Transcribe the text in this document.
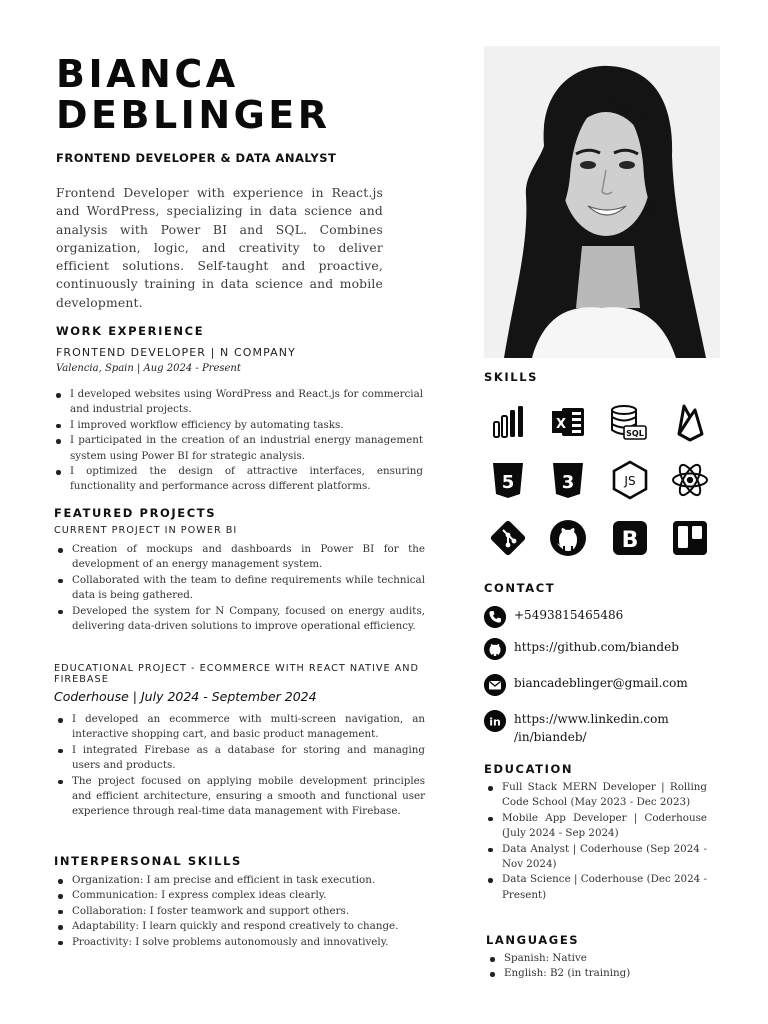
BIANCA
DEBLINGER
FRONTEND DEVELOPER & DATA ANALYST

Frontend Developer with experience in React.js and WordPress, specializing in data science and analysis with Power BI and SQL. Combines organization, logic, and creativity to deliver efficient solutions. Self-taught and proactive, continuously training in data science and mobile development.

WORK EXPERIENCE
FRONTEND DEVELOPER | N COMPANY
Valencia, Spain | Aug 2024 - Present
I developed websites using WordPress and React.js for commercial and industrial projects.
I improved workflow efficiency by automating tasks.
I participated in the creation of an industrial energy management system using Power BI for strategic analysis.
I optimized the design of attractive interfaces, ensuring functionality and performance across different platforms.
FEATURED PROJECTS
CURRENT PROJECT IN POWER BI
Creation of mockups and dashboards in Power BI for the development of an energy management system.
Collaborated with the team to define requirements while technical data is being gathered.
Developed the system for N Company, focused on energy audits, delivering data-driven solutions to improve operational efficiency.
EDUCATIONAL PROJECT - ECOMMERCE WITH REACT NATIVE AND FIREBASE
Coderhouse | July 2024 - September 2024
I developed an ecommerce with multi-screen navigation, an interactive shopping cart, and basic product management.
I integrated Firebase as a database for storing and managing users and products.
The project focused on applying mobile development principles and efficient architecture, ensuring a smooth and functional user experience through real-time data management with Firebase.
INTERPERSONAL SKILLS
Organization: I am precise and efficient in task execution.
Communication: I express complex ideas clearly.
Collaboration: I foster teamwork and support others.
Adaptability: I learn quickly and respond creatively to change.
Proactivity: I solve problems autonomously and innovatively.
SKILLS
X
SQL
5	3	JS
B
CONTACT
+5493815465486
https://github.com/biandeb
biancadeblinger@gmail.com
in https://www.linkedin.com
/in/biandeb/
EDUCATION
Full Stack MERN Developer | Rolling Code School (May 2023 - Dec 2023)
Mobile App Developer | Coderhouse (July 2024 - Sep 2024)
Data Analyst | Coderhouse (Sep 2024 - Nov 2024)
Data Science | Coderhouse (Dec 2024 - Present)
LANGUAGES
Spanish: Native
English: B2 (in training)
